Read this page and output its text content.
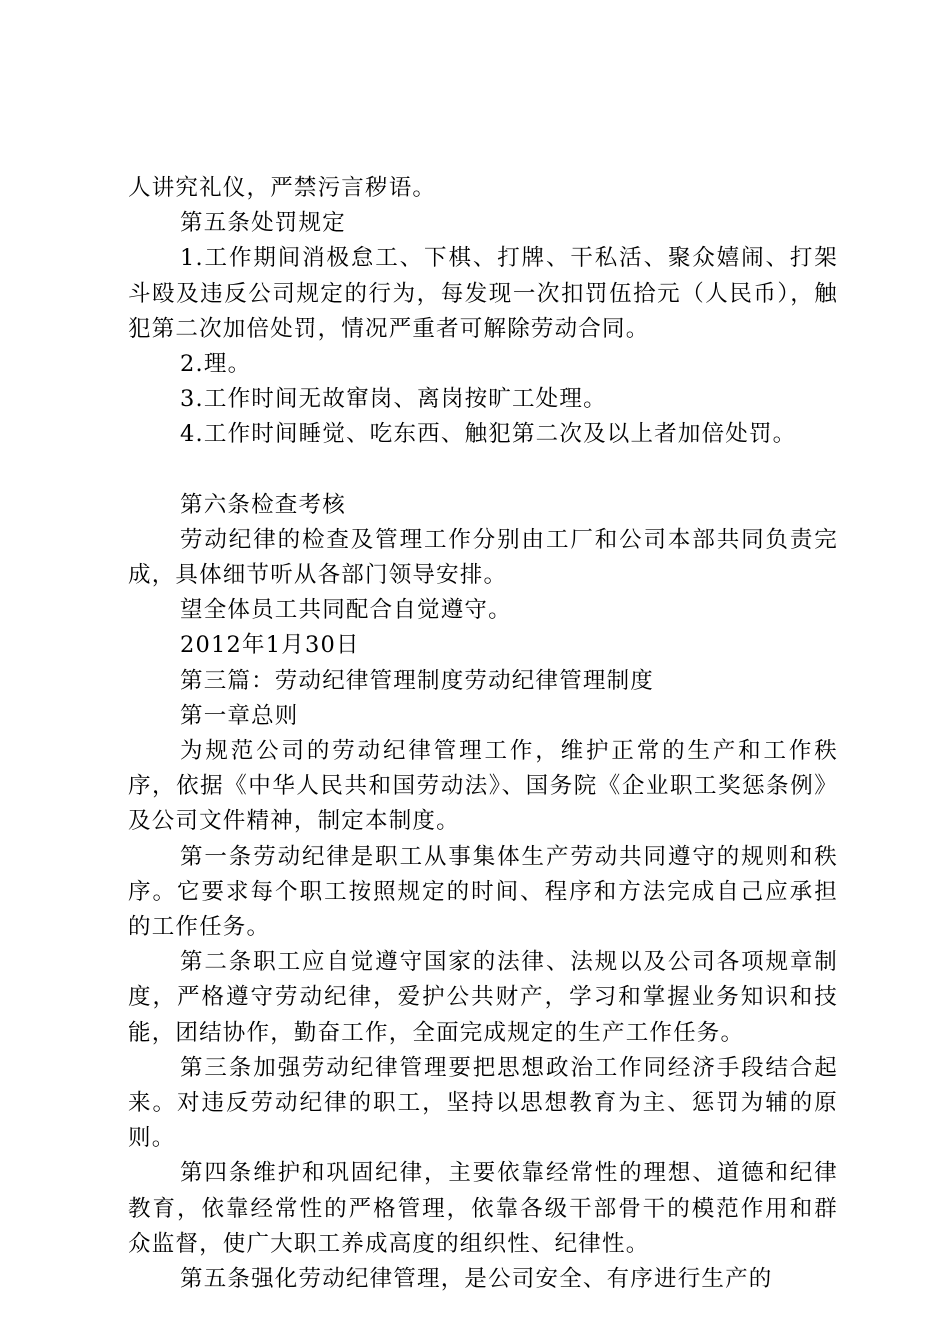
人讲究礼仪，严禁污言秽语。

第五条处罚规定

1.工作期间消极怠工、下棋、打牌、干私活、聚众嬉闹、打架斗殴及违反公司规定的行为，每发现一次扣罚伍拾元（人民币），触犯第二次加倍处罚，情况严重者可解除劳动合同。

2.理。

3.工作时间无故窜岗、离岗按旷工处理。

4.工作时间睡觉、吃东西、触犯第二次及以上者加倍处罚。

第六条检查考核

劳动纪律的检查及管理工作分别由工厂和公司本部共同负责完成，具体细节听从各部门领导安排。

望全体员工共同配合自觉遵守。

2012年1月30日

第三篇：劳动纪律管理制度劳动纪律管理制度

第一章总则

为规范公司的劳动纪律管理工作，维护正常的生产和工作秩序，依据《中华人民共和国劳动法》、国务院《企业职工奖惩条例》及公司文件精神，制定本制度。

第一条劳动纪律是职工从事集体生产劳动共同遵守的规则和秩序。它要求每个职工按照规定的时间、程序和方法完成自己应承担的工作任务。

第二条职工应自觉遵守国家的法律、法规以及公司各项规章制度，严格遵守劳动纪律，爱护公共财产，学习和掌握业务知识和技能，团结协作，勤奋工作，全面完成规定的生产工作任务。

第三条加强劳动纪律管理要把思想政治工作同经济手段结合起来。对违反劳动纪律的职工，坚持以思想教育为主、惩罚为辅的原则。

第四条维护和巩固纪律，主要依靠经常性的理想、道德和纪律教育，依靠经常性的严格管理，依靠各级干部骨干的模范作用和群众监督，使广大职工养成高度的组织性、纪律性。

第五条强化劳动纪律管理，是公司安全、有序进行生产的
